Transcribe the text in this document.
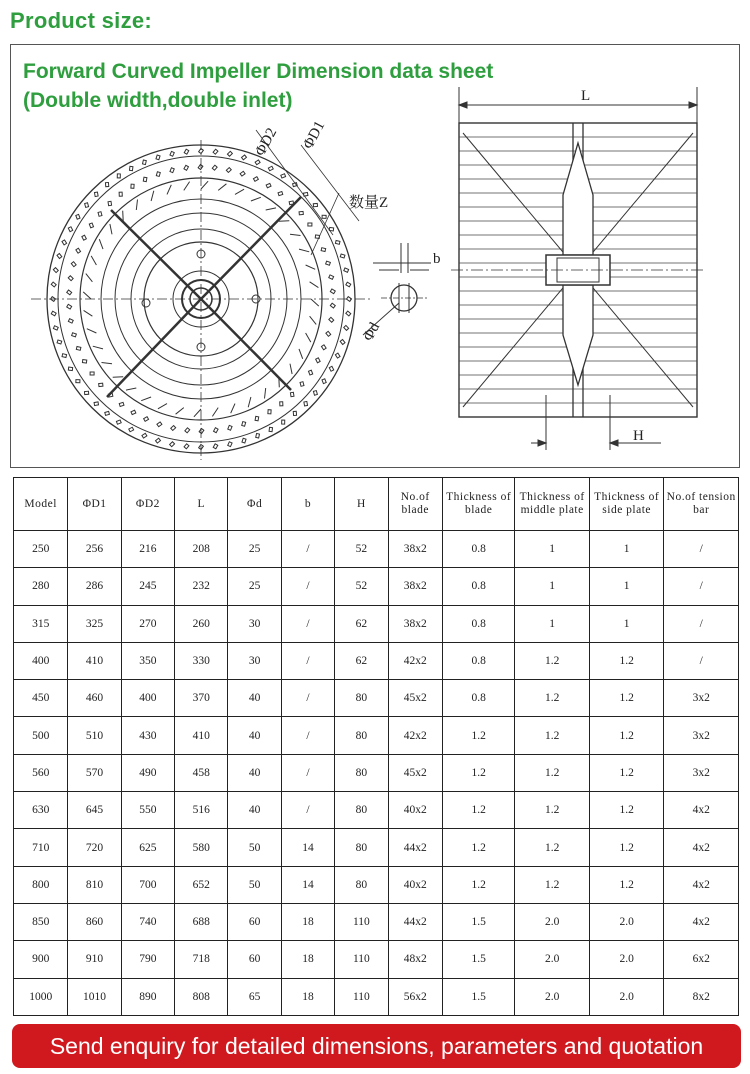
Product size:
Forward Curved Impeller Dimension data sheet
(Double width,double inlet)
ΦD2 ΦD1
数量Z
b
Φd
L
H
Model	ΦD1	ΦD2	L	Φd	b	H	No.of blade	Thickness of blade	Thickness of middle plate	Thickness of side plate	No.of tension bar
250	256	216	208	25	/	52	38x2	0.8	1	1	/
280	286	245	232	25	/	52	38x2	0.8	1	1	/
315	325	270	260	30	/	62	38x2	0.8	1	1	/
400	410	350	330	30	/	62	42x2	0.8	1.2	1.2	/
450	460	400	370	40	/	80	45x2	0.8	1.2	1.2	3x2
500	510	430	410	40	/	80	42x2	1.2	1.2	1.2	3x2
560	570	490	458	40	/	80	45x2	1.2	1.2	1.2	3x2
630	645	550	516	40	/	80	40x2	1.2	1.2	1.2	4x2
710	720	625	580	50	14	80	44x2	1.2	1.2	1.2	4x2
800	810	700	652	50	14	80	40x2	1.2	1.2	1.2	4x2
850	860	740	688	60	18	110	44x2	1.5	2.0	2.0	4x2
900	910	790	718	60	18	110	48x2	1.5	2.0	2.0	6x2
1000	1010	890	808	65	18	110	56x2	1.5	2.0	2.0	8x2
Send enquiry for detailed dimensions, parameters and quotation
